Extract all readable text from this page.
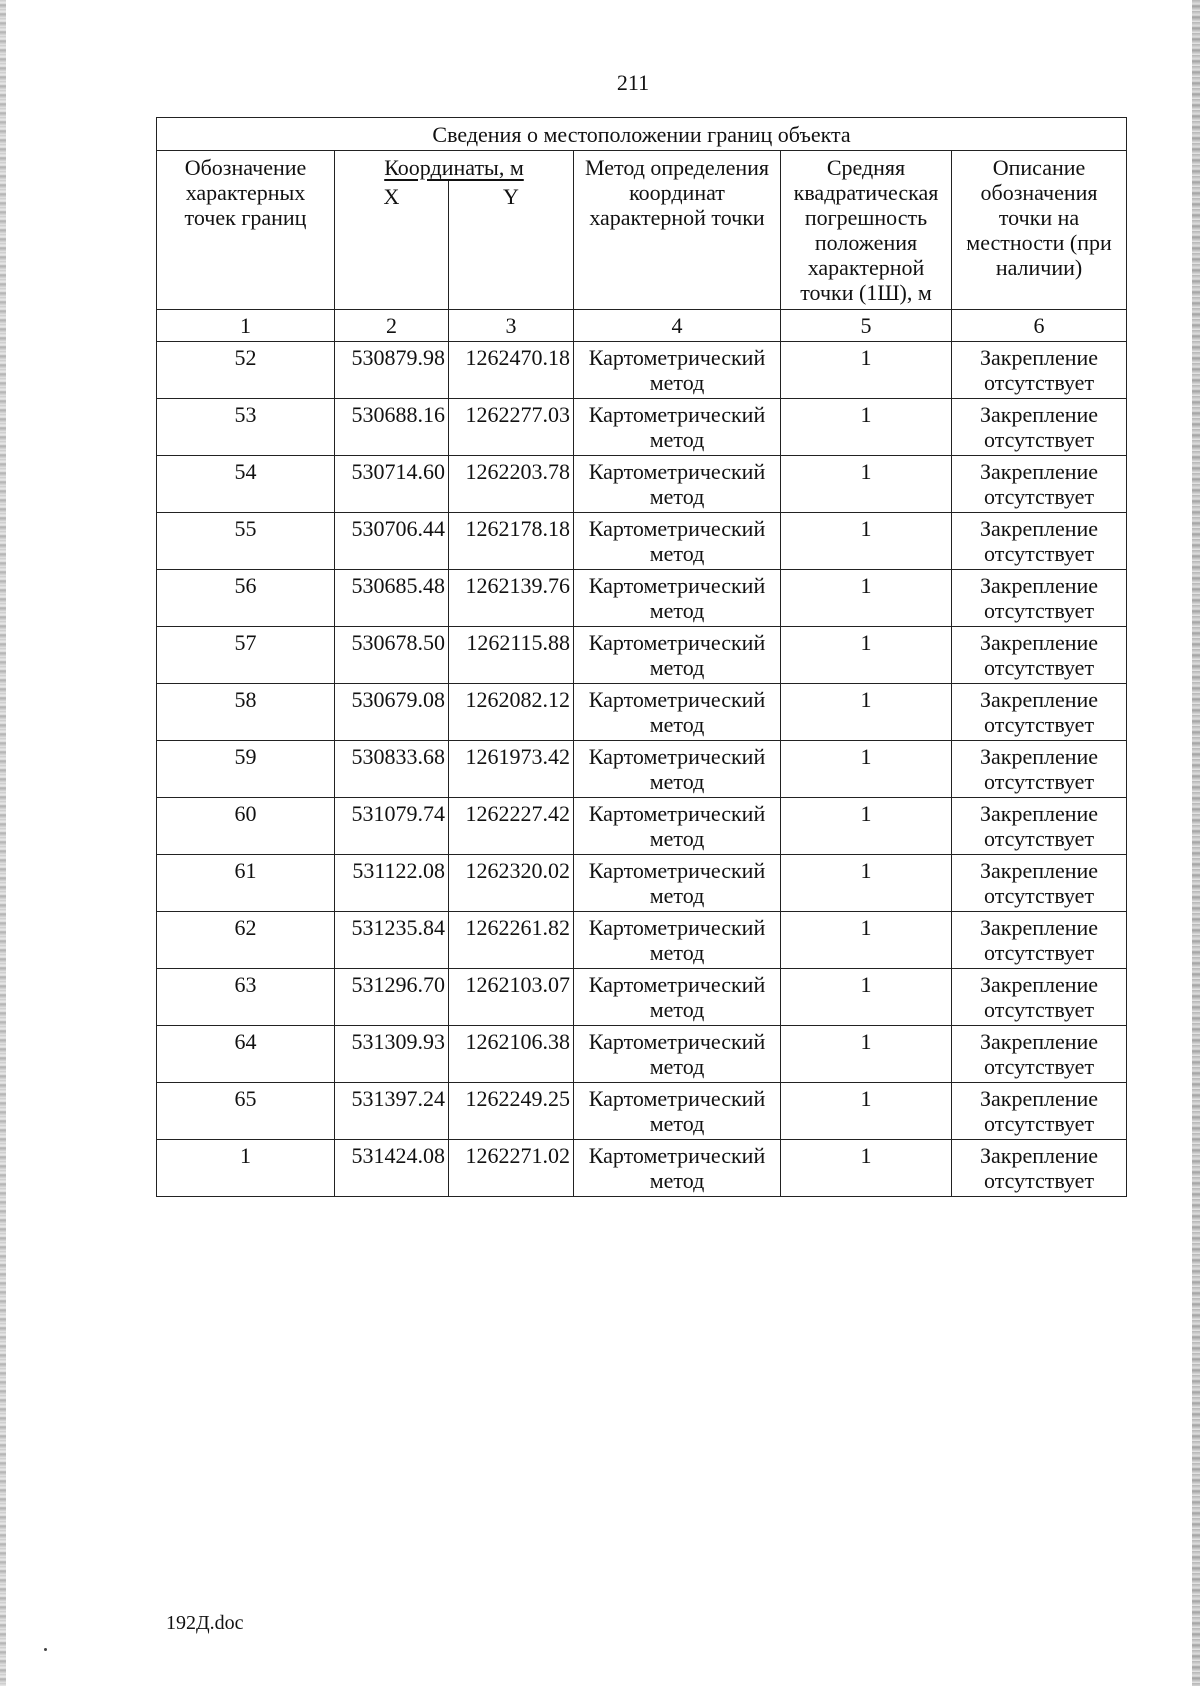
211
Сведения о местоположении границ объекта					
Обозначение характерных точек границ	Координаты, м		Метод определения координат характерной точки	Средняя квадратическая погрешность положения характерной точки (1Ш), м	Описание обозначения точки на местности (при наличии)
	X	Y			
1	2	3	4	5	6
52	530879.98	1262470.18	Картометрический метод	1	Закрепление отсутствует
53	530688.16	1262277.03	Картометрический метод	1	Закрепление отсутствует
54	530714.60	1262203.78	Картометрический метод	1	Закрепление отсутствует
55	530706.44	1262178.18	Картометрический метод	1	Закрепление отсутствует
56	530685.48	1262139.76	Картометрический метод	1	Закрепление отсутствует
57	530678.50	1262115.88	Картометрический метод	1	Закрепление отсутствует
58	530679.08	1262082.12	Картометрический метод	1	Закрепление отсутствует
59	530833.68	1261973.42	Картометрический метод	1	Закрепление отсутствует
60	531079.74	1262227.42	Картометрический метод	1	Закрепление отсутствует
61	531122.08	1262320.02	Картометрический метод	1	Закрепление отсутствует
62	531235.84	1262261.82	Картометрический метод	1	Закрепление отсутствует
63	531296.70	1262103.07	Картометрический метод	1	Закрепление отсутствует
64	531309.93	1262106.38	Картометрический метод	1	Закрепление отсутствует
65	531397.24	1262249.25	Картометрический метод	1	Закрепление отсутствует
1	531424.08	1262271.02	Картометрический метод	1	Закрепление отсутствует
192Д.doc
